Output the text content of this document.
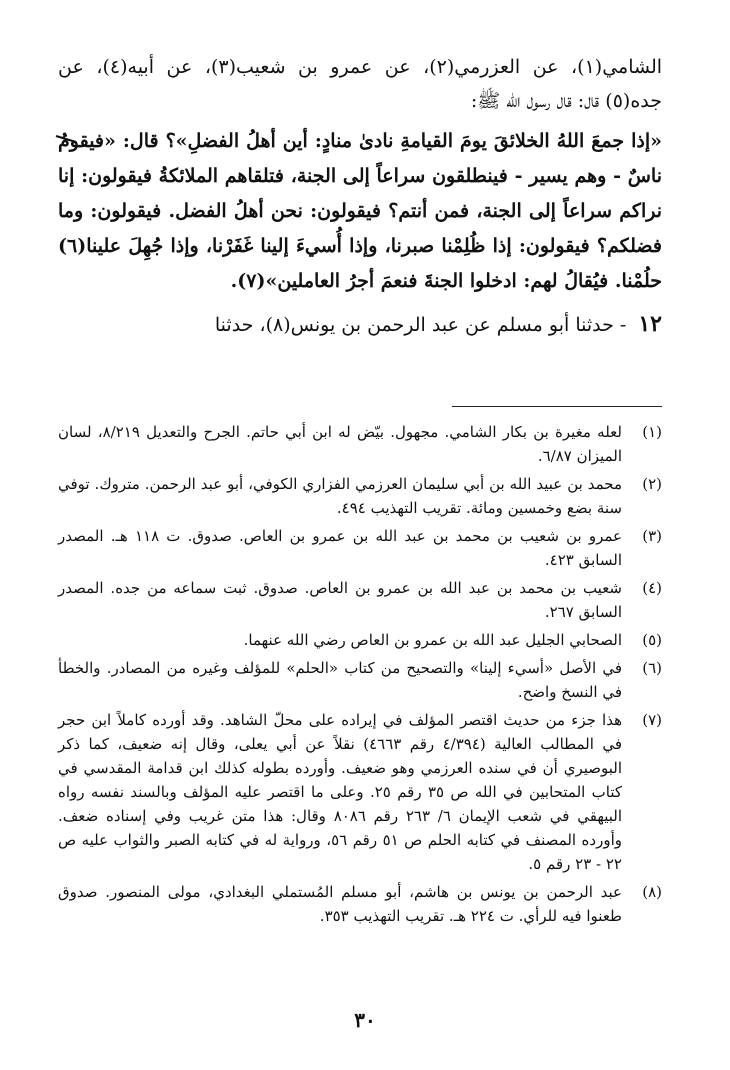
الشامي(١)، عن العزرمي(٢)، عن عمرو بن شعيب(٣)، عن أبيه(٤)، عن جده(٥) قال: قال رسول الله ﷺ:

«إذا جمعَ اللهُ الخلائقَ يومَ القيامةِ نادىٰ منادٍ: أين أهلُ الفضلِ»؟ قال: «فيقومُ ناسٌ - وهم يسير - فينطلقون سراعاً إلى الجنة، فتلقاهم الملائكةُ فيقولون: إنا نراكم سراعاً إلى الجنة، فمن أنتم؟ فيقولون: نحن أهلُ الفضل. فيقولون: وما فضلكم؟ فيقولون: إذا ظُلِمْنا صبرنا، وإذا أُسيءَ إلينا غَفَرْنا، وإذا جُهِلَ علينا(٦) حلُمْنا. فيُقالُ لهم: ادخلوا الجنةَ فنعمَ أجرُ العاملين»(٧).

١٢ - حدثنا أبو مسلم عن عبد الرحمن بن يونس(٨)، حدثنا

(١)
لعله مغيرة بن بكار الشامي. مجهول. بيّض له ابن أبي حاتم. الجرح والتعديل ٨/٢١٩، لسان الميزان ٦/٨٧.
(٢)
محمد بن عبيد الله بن أبي سليمان العرزمي الفزاري الكوفي، أبو عبد الرحمن. متروك. توفي سنة بضع وخمسين ومائة. تقريب التهذيب ٤٩٤.
(٣)
عمرو بن شعيب بن محمد بن عبد الله بن عمرو بن العاص. صدوق. ت ١١٨ هـ. المصدر السابق ٤٢٣.
(٤)
شعيب بن محمد بن عبد الله بن عمرو بن العاص. صدوق. ثبت سماعه من جده. المصدر السابق ٢٦٧.
(٥)
الصحابي الجليل عبد الله بن عمرو بن العاص رضي الله عنهما.
(٦)
في الأصل «أسيء إلينا» والتصحيح من كتاب «الحلم» للمؤلف وغيره من المصادر. والخطأ في النسخ واضح.
(٧)
هذا جزء من حديث اقتصر المؤلف في إيراده على محلّ الشاهد. وقد أورده كاملاً ابن حجر في المطالب العالية (٤/٣٩٤ رقم ٤٦٦٣) نقلاً عن أبي يعلى، وقال إنه ضعيف، كما ذكر البوصيري أن في سنده العرزمي وهو ضعيف. وأورده بطوله كذلك ابن قدامة المقدسي في كتاب المتحابين في الله ص ٣٥ رقم ٢٥. وعلى ما اقتصر عليه المؤلف وبالسند نفسه رواه البيهقي في شعب الإيمان ٦/ ٢٦٣ رقم ٨٠٨٦ وقال: هذا متن غريب وفي إسناده ضعف. وأورده المصنف في كتابه الحلم ص ٥١ رقم ٥٦، ورواية له في كتابه الصبر والثواب عليه ص ٢٢ - ٢٣ رقم ٥.
(٨)
عبد الرحمن بن يونس بن هاشم، أبو مسلم المُستملي البغدادي، مولى المنصور. صدوق طعنوا فيه للرأي. ت ٢٢٤ هـ. تقريب التهذيب ٣٥٣.
٣٠
